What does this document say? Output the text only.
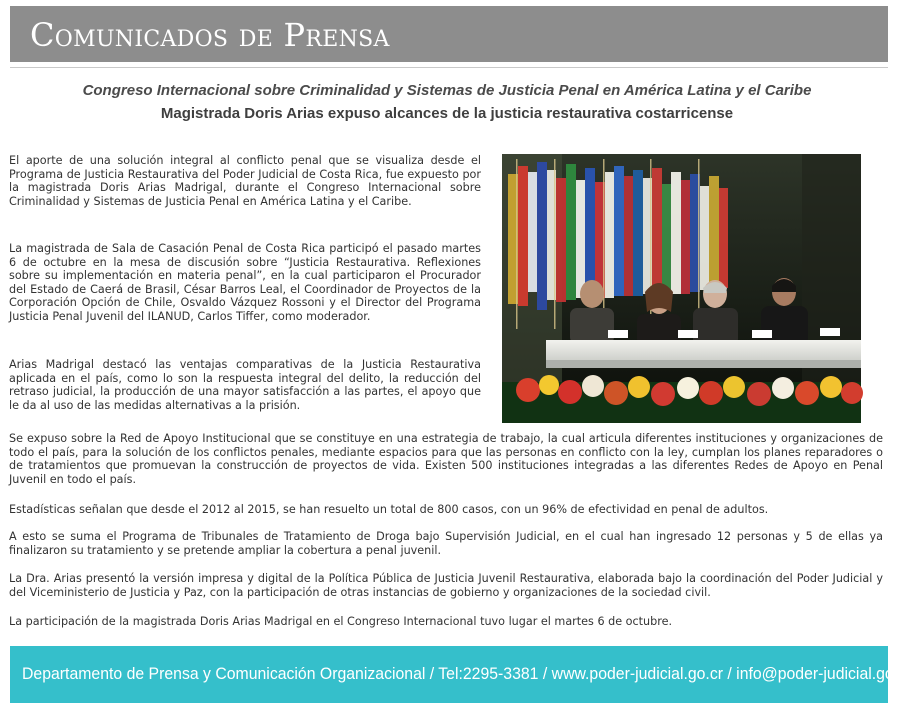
Comunicados de Prensa
Congreso Internacional sobre Criminalidad y Sistemas de Justicia Penal en América Latina y el Caribe
Magistrada Doris Arias expuso alcances de la justicia restaurativa costarricense

El aporte de una solución integral al conflicto penal que se visualiza desde el Programa de Justicia Restaurativa del Poder Judicial de Costa Rica, fue expuesto por la magistrada Doris Arias Madrigal, durante el Congreso Internacional sobre Criminalidad y Sistemas de Justicia Penal en América Latina y el Caribe.

La magistrada de Sala de Casación Penal de Costa Rica participó el pasado martes 6 de octubre en la mesa de discusión sobre “Justicia Restaurativa. Reflexiones sobre su implementación en materia penal”, en la cual participaron el Procurador del Estado de Caerá de Brasil, César Barros Leal, el Coordinador de Proyectos de la Corporación Opción de Chile, Osvaldo Vázquez Rossoni y el Director del Programa Justicia Penal Juvenil del ILANUD, Carlos Tiffer, como moderador.

Arias Madrigal destacó las ventajas comparativas de la Justicia Restaurativa aplicada en el país, como lo son la respuesta integral del delito, la reducción del retraso judicial, la producción de una mayor satisfacción a las partes, el apoyo que le da al uso de las medidas alternativas a la prisión.

Se expuso sobre la Red de Apoyo Institucional que se constituye en una estrategia de trabajo, la cual articula diferentes instituciones y organizaciones de todo el país, para la solución de los conflictos penales, mediante espacios para que las personas en conflicto con la ley, cumplan los planes reparadores o de tratamientos que promuevan la construcción de proyectos de vida. Existen 500 instituciones integradas a las diferentes Redes de Apoyo en Penal Juvenil en todo el país.

Estadísticas señalan que desde el 2012 al 2015, se han resuelto un total de 800 casos, con un 96% de efectividad en penal de adultos.

A esto se suma el Programa de Tribunales de Tratamiento de Droga bajo Supervisión Judicial, en el cual han ingresado 12 personas y 5 de ellas ya finalizaron su tratamiento y se pretende ampliar la cobertura a penal juvenil.

La Dra. Arias presentó la versión impresa y digital de la Política Pública de Justicia Juvenil Restaurativa, elaborada bajo la coordinación del Poder Judicial y del Viceministerio de Justicia y Paz, con la participación de otras instancias de gobierno y organizaciones de la sociedad civil.

La participación de la magistrada Doris Arias Madrigal en el Congreso Internacional tuvo lugar el martes 6 de octubre.

Departamento de Prensa y Comunicación Organizacional / Tel:2295-3381 / www.poder-judicial.go.cr / info@poder-judicial.go.cr
